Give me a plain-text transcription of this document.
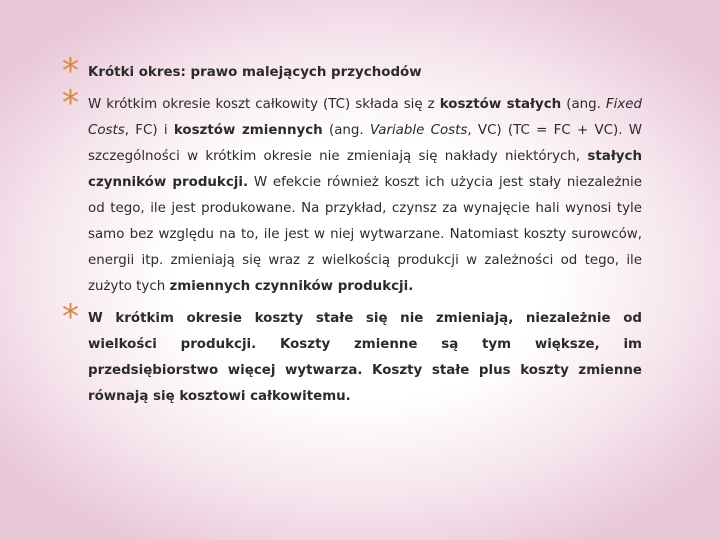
* Krótki okres: prawo malejących przychodów
* W krótkim okresie koszt całkowity (TC) składa się z kosztów stałych (ang. Fixed Costs, FC) i kosztów zmiennych (ang. Variable Costs, VC) (TC = FC + VC). W szczególności w krótkim okresie nie zmieniają się nakłady niektórych, stałych czynników produkcji. W efekcie również koszt ich użycia jest stały niezależnie od tego, ile jest produkowane. Na przykład, czynsz za wynajęcie hali wynosi tyle samo bez względu na to, ile jest w niej wytwarzane. Natomiast koszty surowców, energii itp. zmieniają się wraz z wielkością produkcji w zależności od tego, ile zużyto tych zmiennych czynników produkcji.
* W krótkim okresie koszty stałe się nie zmieniają, niezależnie od wielkości produkcji. Koszty zmienne są tym większe, im przedsiębiorstwo więcej wytwarza. Koszty stałe plus koszty zmienne równają się kosztowi całkowitemu.
